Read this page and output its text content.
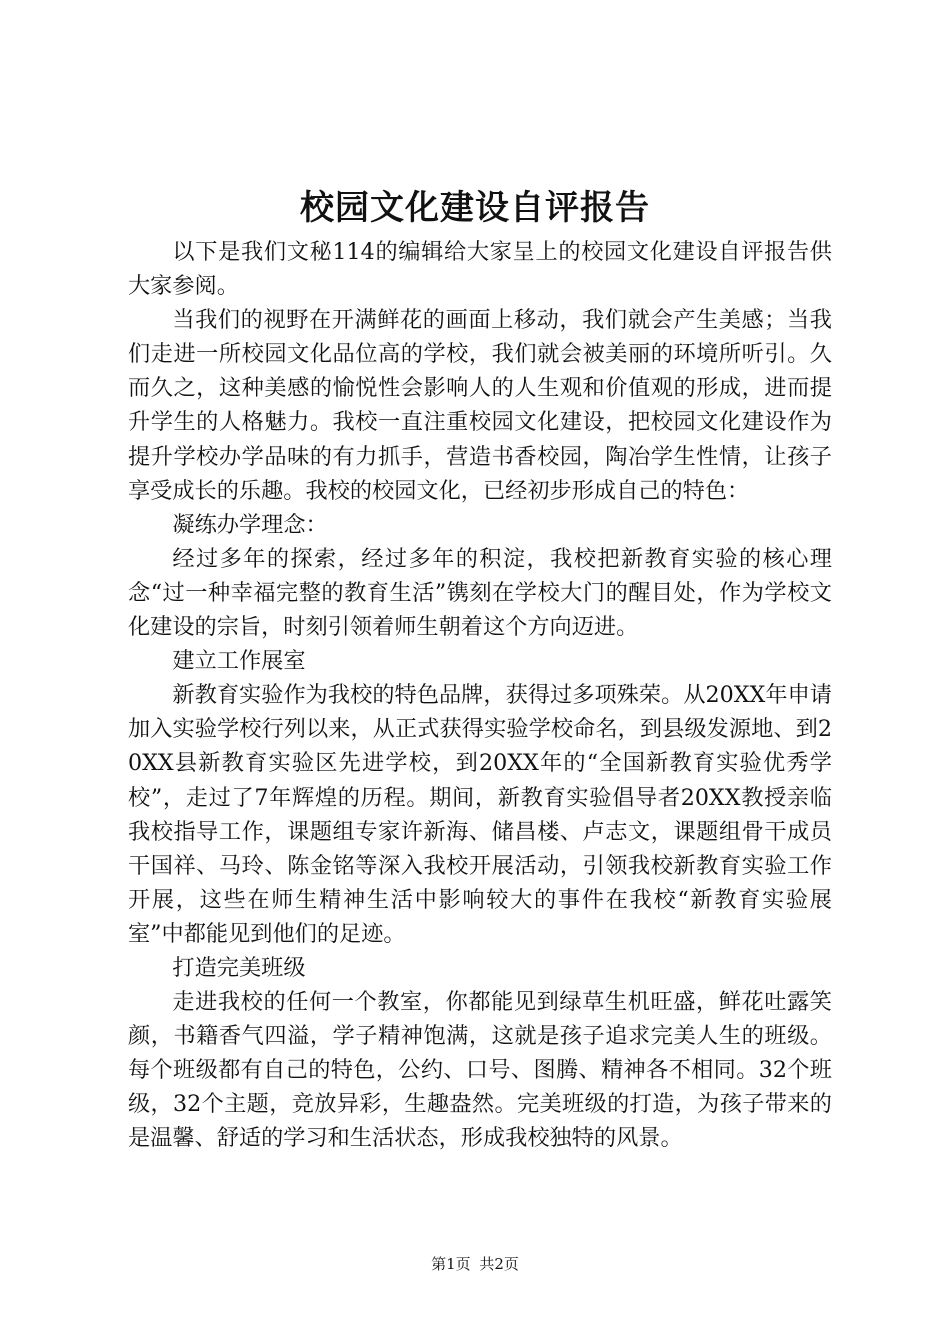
校园文化建设自评报告

以下是我们文秘114的编辑给大家呈上的校园文化建设自评报告供大家参阅。

当我们的视野在开满鲜花的画面上移动，我们就会产生美感；当我们走进一所校园文化品位高的学校，我们就会被美丽的环境所听引。久而久之，这种美感的愉悦性会影响人的人生观和价值观的形成，进而提升学生的人格魅力。我校一直注重校园文化建设，把校园文化建设作为提升学校办学品味的有力抓手，营造书香校园，陶冶学生性情，让孩子享受成长的乐趣。我校的校园文化，已经初步形成自己的特色：

凝练办学理念：

经过多年的探索，经过多年的积淀，我校把新教育实验的核心理念“过一种幸福完整的教育生活”镌刻在学校大门的醒目处，作为学校文化建设的宗旨，时刻引领着师生朝着这个方向迈进。

建立工作展室

新教育实验作为我校的特色品牌，获得过多项殊荣。从20XX年申请加入实验学校行列以来，从正式获得实验学校命名，到县级发源地、到20XX县新教育实验区先进学校，到20XX年的“全国新教育实验优秀学校”，走过了7年辉煌的历程。期间，新教育实验倡导者20XX教授亲临我校指导工作，课题组专家许新海、储昌楼、卢志文，课题组骨干成员干国祥、马玲、陈金铭等深入我校开展活动，引领我校新教育实验工作开展，这些在师生精神生活中影响较大的事件在我校“新教育实验展室”中都能见到他们的足迹。

打造完美班级

走进我校的任何一个教室，你都能见到绿草生机旺盛，鲜花吐露笑颜，书籍香气四溢，学子精神饱满，这就是孩子追求完美人生的班级。每个班级都有自己的特色，公约、口号、图腾、精神各不相同。32个班级，32个主题，竞放异彩，生趣盎然。完美班级的打造，为孩子带来的是温馨、舒适的学习和生活状态，形成我校独特的风景。

第1页 共2页
